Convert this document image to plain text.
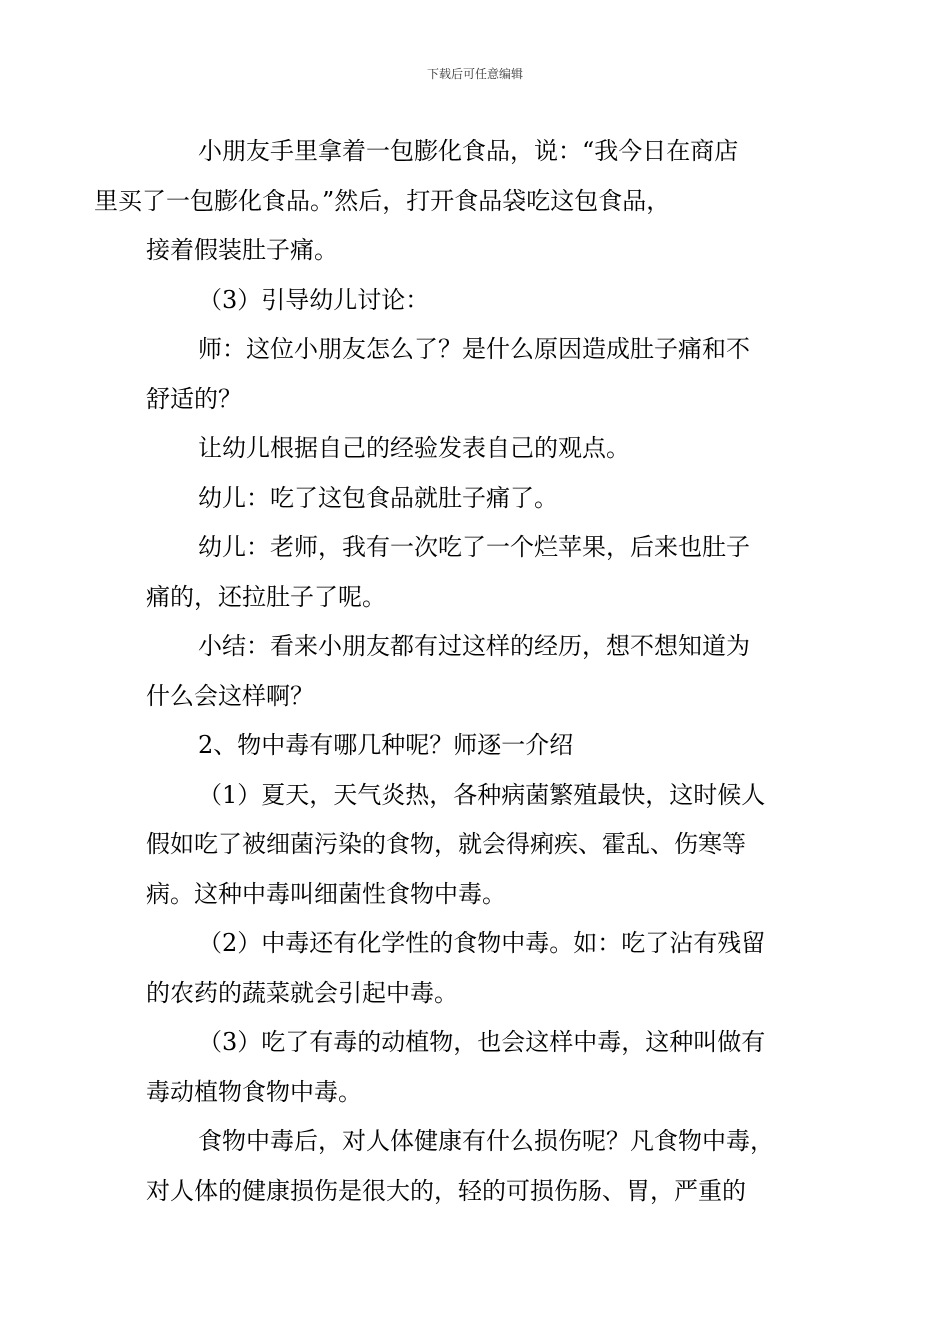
下载后可任意编辑

小朋友手里拿着一包膨化食品，说：“我今日在商店
里买了一包膨化食品。”然后，打开食品袋吃这包食品，
接着假装肚子痛。

（3）引导幼儿讨论：

师：这位小朋友怎么了？是什么原因造成肚子痛和不
舒适的？

让幼儿根据自己的经验发表自己的观点。

幼儿：吃了这包食品就肚子痛了。

幼儿：老师，我有一次吃了一个烂苹果，后来也肚子
痛的，还拉肚子了呢。

小结：看来小朋友都有过这样的经历，想不想知道为
什么会这样啊？

2、物中毒有哪几种呢？师逐一介绍

（1）夏天，天气炎热，各种病菌繁殖最快，这时候人
假如吃了被细菌污染的食物，就会得痢疾、霍乱、伤寒等
病。这种中毒叫细菌性食物中毒。

（2）中毒还有化学性的食物中毒。如：吃了沾有残留
的农药的蔬菜就会引起中毒。

（3）吃了有毒的动植物，也会这样中毒，这种叫做有
毒动植物食物中毒。

食物中毒后，对人体健康有什么损伤呢？凡食物中毒，
对人体的健康损伤是很大的，轻的可损伤肠、胃，严重的
